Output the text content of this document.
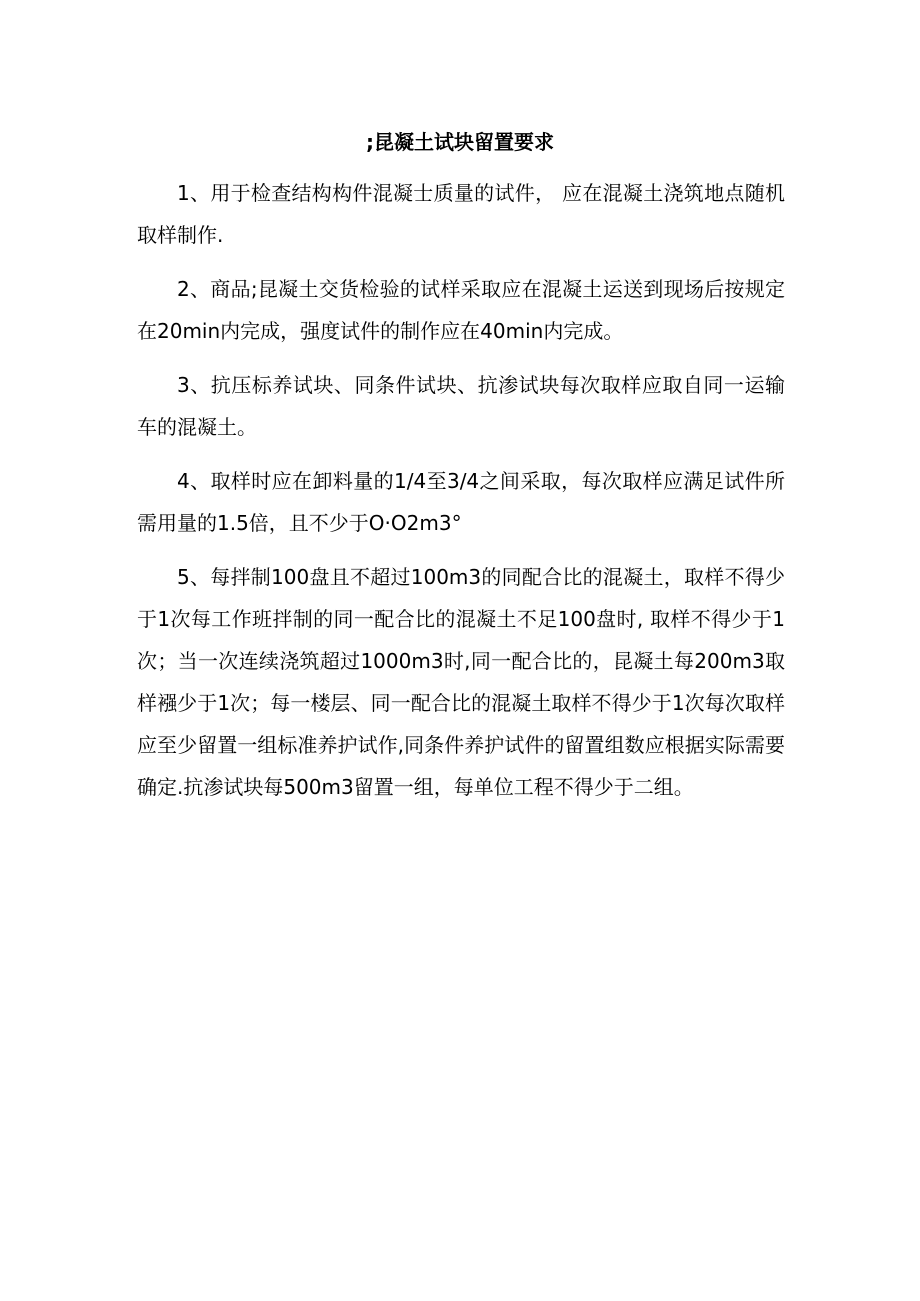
;昆凝土试块留置要求

1、用于检查结构构件混凝士质量的试件， 应在混凝土浇筑地点随机取样制作.

2、商品;昆凝土交货检验的试样采取应在混凝土运送到现场后按规定在20min内完成，强度试件的制作应在40min内完成。

3、抗压标养试块、同条件试块、抗渗试块每次取样应取自同一运输车的混凝土。

4、取样时应在卸料量的1/4至3/4之间采取，每次取样应满足试件所需用量的1.5倍，且不少于O·O2m3°

5、每拌制100盘且不超过100m3的同配合比的混凝土，取样不得少于1次每工作班拌制的同一配合比的混凝土不足100盘时, 取样不得少于1次；当一次连续浇筑超过1000m3时,同一配合比的，昆凝土每200m3取样襁少于1次；每一楼层、同一配合比的混凝土取样不得少于1次每次取样应至少留置一组标准养护试作,同条件养护试件的留置组数应根据实际需要确定.抗渗试块每500m3留置一组，每单位工程不得少于二组。
